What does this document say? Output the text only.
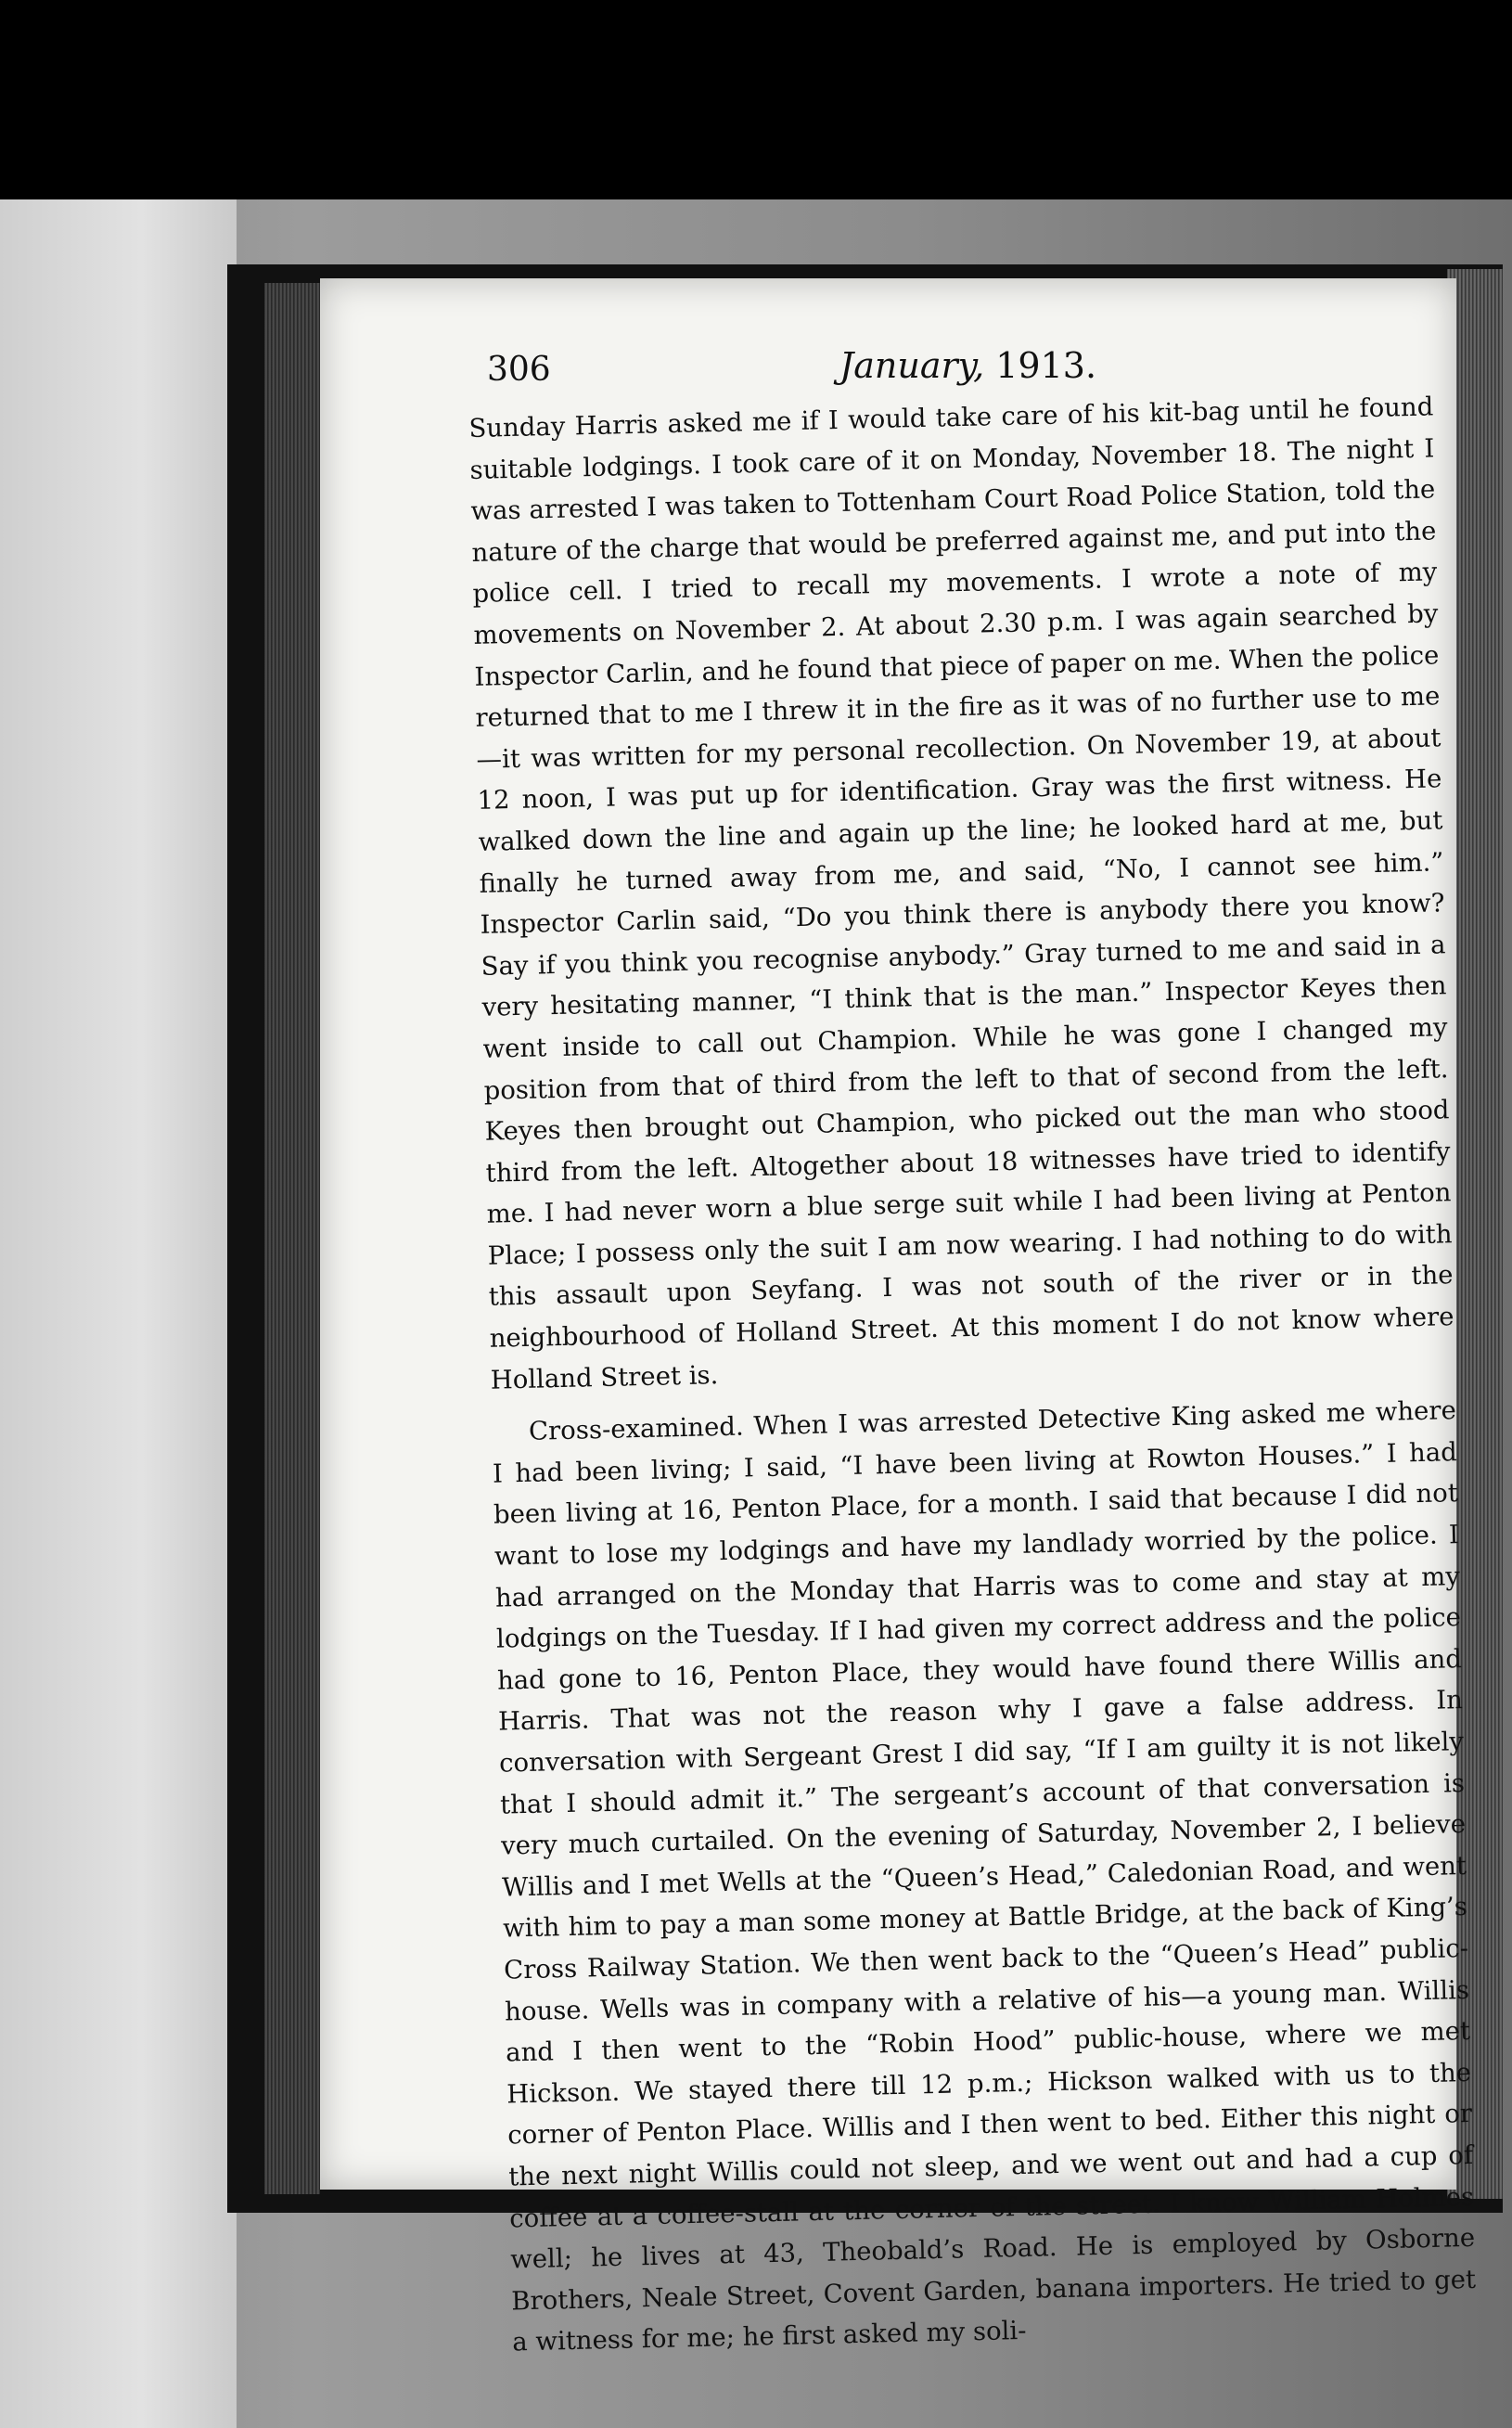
306	January, 1913.

Sunday Harris asked me if I would take care of his kit-bag until he found suitable lodgings. I took care of it on Monday, November 18. The night I was arrested I was taken to Tottenham Court Road Police Station, told the nature of the charge that would be preferred against me, and put into the police cell. I tried to recall my movements. I wrote a note of my movements on November 2. At about 2.30 p.m. I was again searched by Inspector Carlin, and he found that piece of paper on me. When the police returned that to me I threw it in the fire as it was of no further use to me—it was written for my personal recollection. On November 19, at about 12 noon, I was put up for identification. Gray was the first witness. He walked down the line and again up the line; he looked hard at me, but finally he turned away from me, and said, “No, I cannot see him.” Inspector Carlin said, “Do you think there is anybody there you know? Say if you think you recognise anybody.” Gray turned to me and said in a very hesitating manner, “I think that is the man.” Inspector Keyes then went inside to call out Champion. While he was gone I changed my position from that of third from the left to that of second from the left. Keyes then brought out Champion, who picked out the man who stood third from the left. Altogether about 18 witnesses have tried to identify me. I had never worn a blue serge suit while I had been living at Penton Place; I possess only the suit I am now wearing. I had nothing to do with this assault upon Seyfang. I was not south of the river or in the neighbourhood of Holland Street. At this moment I do not know where Holland Street is.

Cross-examined. When I was arrested Detective King asked me where I had been living; I said, “I have been living at Rowton Houses.” I had been living at 16, Penton Place, for a month. I said that because I did not want to lose my lodgings and have my landlady worried by the police. I had arranged on the Monday that Harris was to come and stay at my lodgings on the Tuesday. If I had given my correct address and the police had gone to 16, Penton Place, they would have found there Willis and Harris. That was not the reason why I gave a false address. In conversation with Sergeant Grest I did say, “If I am guilty it is not likely that I should admit it.” The sergeant’s account of that conversation is very much curtailed. On the evening of Saturday, November 2, I believe Willis and I met Wells at the “Queen’s Head,” Caledonian Road, and went with him to pay a man some money at Battle Bridge, at the back of King’s Cross Railway Station. We then went back to the “Queen’s Head” public-house. Wells was in company with a relative of his—a young man. Willis and I then went to the “Robin Hood” public-house, where we met Hickson. We stayed there till 12 p.m.; Hickson walked with us to the corner of Penton Place. Willis and I then went to bed. Either this night or the next night Willis could not sleep, and we went out and had a cup of coffee at a coffee-stall at the corner of the street. I know William Holmes well; he lives at 43, Theobald’s Road. He is employed by Osborne Brothers, Neale Street, Covent Garden, banana importers. He tried to get a witness for me; he first asked my soli-
